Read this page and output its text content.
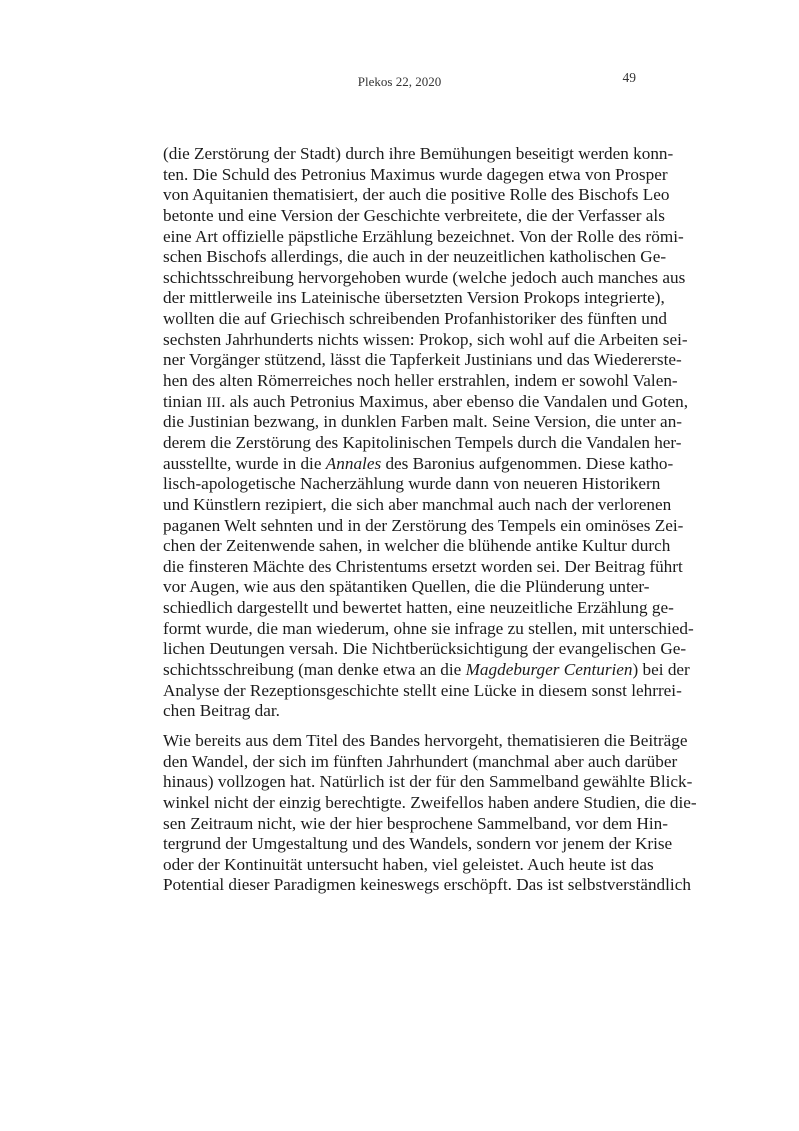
Plekos 22, 2020	49

(die Zerstörung der Stadt) durch ihre Bemühungen beseitigt werden konn-
ten. Die Schuld des Petronius Maximus wurde dagegen etwa von Prosper
von Aquitanien thematisiert, der auch die positive Rolle des Bischofs Leo
betonte und eine Version der Geschichte verbreitete, die der Verfasser als
eine Art offizielle päpstliche Erzählung bezeichnet. Von der Rolle des römi-
schen Bischofs allerdings, die auch in der neuzeitlichen katholischen Ge-
schichtsschreibung hervorgehoben wurde (welche jedoch auch manches aus
der mittlerweile ins Lateinische übersetzten Version Prokops integrierte),
wollten die auf Griechisch schreibenden Profanhistoriker des fünften und
sechsten Jahrhunderts nichts wissen: Prokop, sich wohl auf die Arbeiten sei-
ner Vorgänger stützend, lässt die Tapferkeit Justinians und das Wiedererste-
hen des alten Römerreiches noch heller erstrahlen, indem er sowohl Valen-
tinian III. als auch Petronius Maximus, aber ebenso die Vandalen und Goten,
die Justinian bezwang, in dunklen Farben malt. Seine Version, die unter an-
derem die Zerstörung des Kapitolinischen Tempels durch die Vandalen her-
ausstellte, wurde in die Annales des Baronius aufgenommen. Diese katho-
lisch-apologetische Nacherzählung wurde dann von neueren Historikern
und Künstlern rezipiert, die sich aber manchmal auch nach der verlorenen
paganen Welt sehnten und in der Zerstörung des Tempels ein ominöses Zei-
chen der Zeitenwende sahen, in welcher die blühende antike Kultur durch
die finsteren Mächte des Christentums ersetzt worden sei. Der Beitrag führt
vor Augen, wie aus den spätantiken Quellen, die die Plünderung unter-
schiedlich dargestellt und bewertet hatten, eine neuzeitliche Erzählung ge-
formt wurde, die man wiederum, ohne sie infrage zu stellen, mit unterschied-
lichen Deutungen versah. Die Nichtberücksichtigung der evangelischen Ge-
schichtsschreibung (man denke etwa an die Magdeburger Centurien) bei der
Analyse der Rezeptionsgeschichte stellt eine Lücke in diesem sonst lehrrei-
chen Beitrag dar.

Wie bereits aus dem Titel des Bandes hervorgeht, thematisieren die Beiträge
den Wandel, der sich im fünften Jahrhundert (manchmal aber auch darüber
hinaus) vollzogen hat. Natürlich ist der für den Sammelband gewählte Blick-
winkel nicht der einzig berechtigte. Zweifellos haben andere Studien, die die-
sen Zeitraum nicht, wie der hier besprochene Sammelband, vor dem Hin-
tergrund der Umgestaltung und des Wandels, sondern vor jenem der Krise
oder der Kontinuität untersucht haben, viel geleistet. Auch heute ist das
Potential dieser Paradigmen keineswegs erschöpft. Das ist selbstverständlich
